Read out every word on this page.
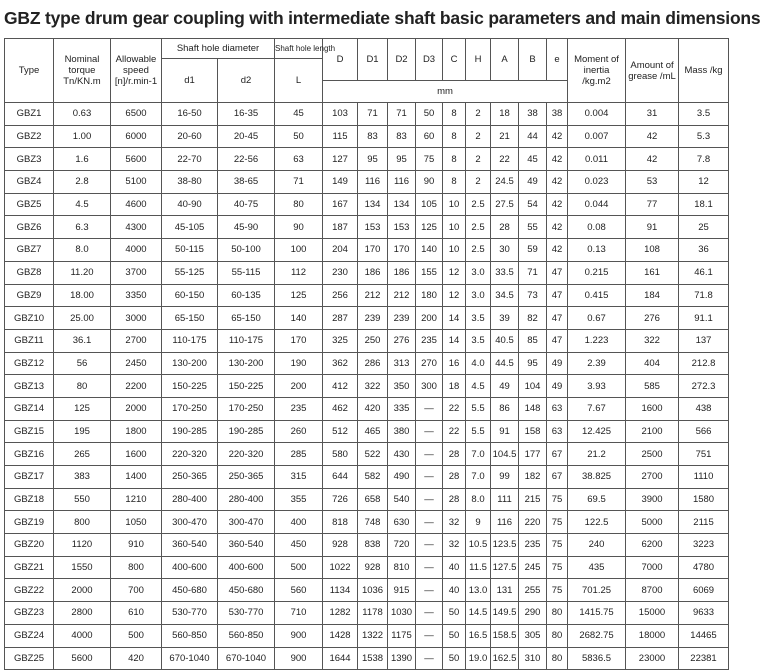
GBZ type drum gear coupling with intermediate shaft basic parameters and main dimensions
Type	Nominal torque Tn/KN.m	Allowable speed [n]/r.min-1	Shaft hole diameter		Shaft hole length	D	D1	D2	D3	C	H	A	B	e	Moment of inertia /kg.m2	Amount of grease /mL	Mass /kg
			d1	d2	L												
						mm											
GBZ1	0.63	6500	16-50	16-35	45	103	71	71	50	8	2	18	38	38	0.004	31	3.5
GBZ2	1.00	6000	20-60	20-45	50	115	83	83	60	8	2	21	44	42	0.007	42	5.3
GBZ3	1.6	5600	22-70	22-56	63	127	95	95	75	8	2	22	45	42	0.011	42	7.8
GBZ4	2.8	5100	38-80	38-65	71	149	116	116	90	8	2	24.5	49	42	0.023	53	12
GBZ5	4.5	4600	40-90	40-75	80	167	134	134	105	10	2.5	27.5	54	42	0.044	77	18.1
GBZ6	6.3	4300	45-105	45-90	90	187	153	153	125	10	2.5	28	55	42	0.08	91	25
GBZ7	8.0	4000	50-115	50-100	100	204	170	170	140	10	2.5	30	59	42	0.13	108	36
GBZ8	11.20	3700	55-125	55-115	112	230	186	186	155	12	3.0	33.5	71	47	0.215	161	46.1
GBZ9	18.00	3350	60-150	60-135	125	256	212	212	180	12	3.0	34.5	73	47	0.415	184	71.8
GBZ10	25.00	3000	65-150	65-150	140	287	239	239	200	14	3.5	39	82	47	0.67	276	91.1
GBZ11	36.1	2700	110-175	110-175	170	325	250	276	235	14	3.5	40.5	85	47	1.223	322	137
GBZ12	56	2450	130-200	130-200	190	362	286	313	270	16	4.0	44.5	95	49	2.39	404	212.8
GBZ13	80	2200	150-225	150-225	200	412	322	350	300	18	4.5	49	104	49	3.93	585	272.3
GBZ14	125	2000	170-250	170-250	235	462	420	335	—	22	5.5	86	148	63	7.67	1600	438
GBZ15	195	1800	190-285	190-285	260	512	465	380	—	22	5.5	91	158	63	12.425	2100	566
GBZ16	265	1600	220-320	220-320	285	580	522	430	—	28	7.0	104.5	177	67	21.2	2500	751
GBZ17	383	1400	250-365	250-365	315	644	582	490	—	28	7.0	99	182	67	38.825	2700	1110
GBZ18	550	1210	280-400	280-400	355	726	658	540	—	28	8.0	111	215	75	69.5	3900	1580
GBZ19	800	1050	300-470	300-470	400	818	748	630	—	32	9	116	220	75	122.5	5000	2115
GBZ20	1120	910	360-540	360-540	450	928	838	720	—	32	10.5	123.5	235	75	240	6200	3223
GBZ21	1550	800	400-600	400-600	500	1022	928	810	—	40	11.5	127.5	245	75	435	7000	4780
GBZ22	2000	700	450-680	450-680	560	1134	1036	915	—	40	13.0	131	255	75	701.25	8700	6069
GBZ23	2800	610	530-770	530-770	710	1282	1178	1030	—	50	14.5	149.5	290	80	1415.75	15000	9633
GBZ24	4000	500	560-850	560-850	900	1428	1322	1175	—	50	16.5	158.5	305	80	2682.75	18000	14465
GBZ25	5600	420	670-1040	670-1040	900	1644	1538	1390	—	50	19.0	162.5	310	80	5836.5	23000	22381
